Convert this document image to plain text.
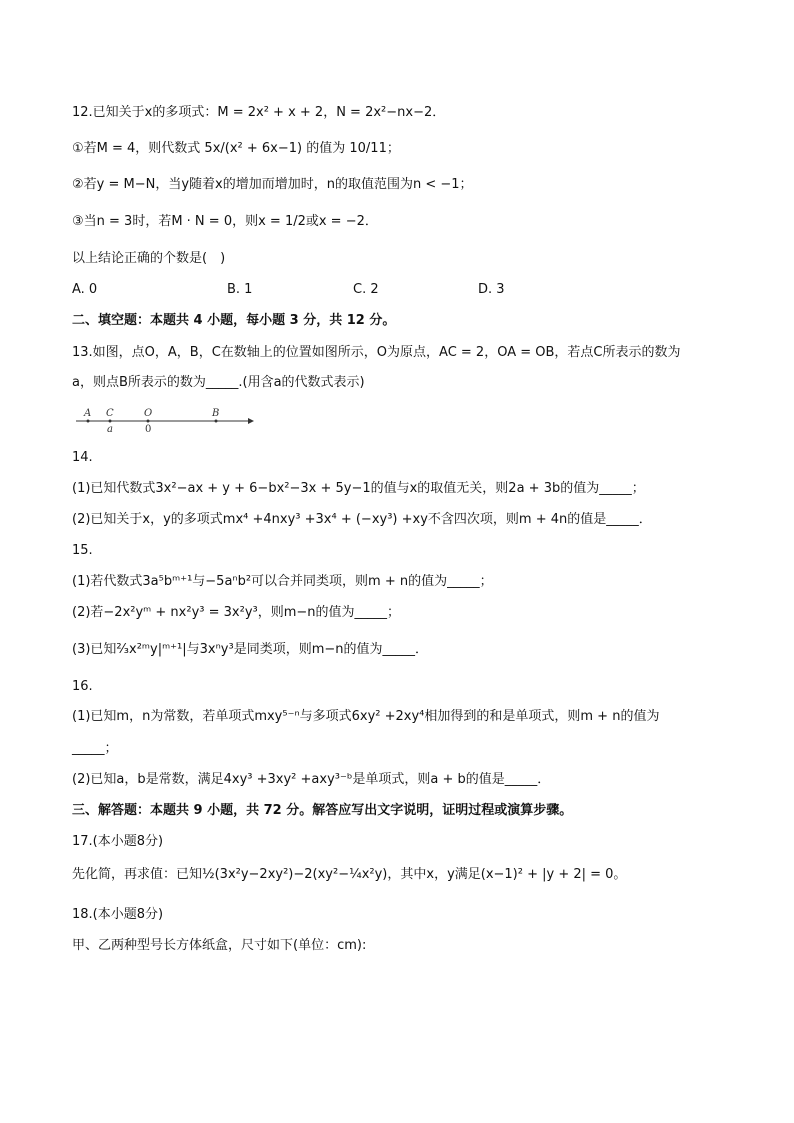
12.已知关于x的多项式：M = 2x² + x + 2，N = 2x²−nx−2．
①若M = 4，则代数式 5x/(x² + 6x−1) 的值为 10/11；
②若y = M−N，当y随着x的增加而增加时，n的取值范围为n < −1；
③当n = 3时，若M · N = 0，则x = 1/2或x = −2．
以上结论正确的个数是(　)
A. 0	B. 1	C. 2	D. 3
二、填空题：本题共 4 小题，每小题 3 分，共 12 分。
13.如图，点O，A，B，C在数轴上的位置如图所示，O为原点，AC = 2，OA = OB，若点C所表示的数为
a，则点B所表示的数为_____.(用含a的代数式表示)
A C	O	B
a	0
14.
(1)已知代数式3x²−ax + y + 6−bx²−3x + 5y−1的值与x的取值无关，则2a + 3b的值为_____；
(2)已知关于x，y的多项式mx⁴ +4nxy³ +3x⁴ + (−xy³) +xy不含四次项，则m + 4n的值是_____．
15.
(1)若代数式3a⁵bᵐ⁺¹与−5aⁿb²可以合并同类项，则m + n的值为_____；
(2)若−2x²yᵐ + nx²y³ = 3x²y³，则m−n的值为_____；
(3)已知²⁄₃x²ᵐy|ᵐ⁺¹|与3xⁿy³是同类项，则m−n的值为_____．
16.
(1)已知m，n为常数，若单项式mxy⁵⁻ⁿ与多项式6xy² +2xy⁴相加得到的和是单项式，则m + n的值为
_____；
(2)已知a，b是常数，满足4xy³ +3xy² +axy³⁻ᵇ是单项式，则a + b的值是_____．
三、解答题：本题共 9 小题，共 72 分。解答应写出文字说明，证明过程或演算步骤。
17.(本小题8分)
先化简，再求值：已知½(3x²y−2xy²)−2(xy²−¼x²y)，其中x，y满足(x−1)² + |y + 2| = 0。
18.(本小题8分)
甲、乙两种型号长方体纸盒，尺寸如下(单位：cm):
